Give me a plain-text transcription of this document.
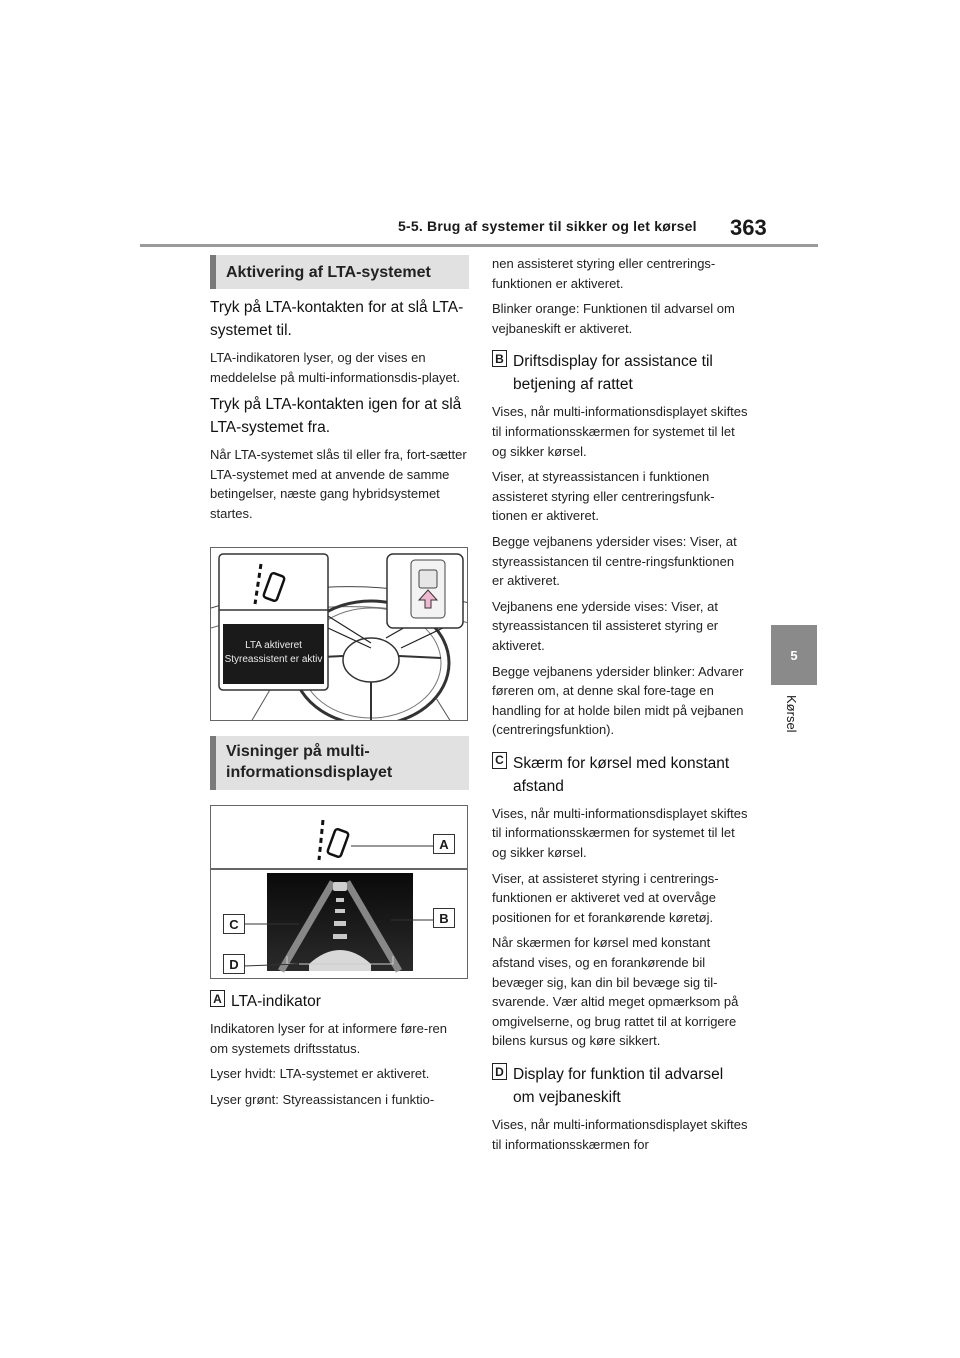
5-5. Brug af systemer til sikker og let kørsel 363
5
Kørsel
Aktivering af LTA-systemet

Tryk på LTA-kontakten for at slå LTA-systemet til.

LTA-indikatoren lyser, og der vises en meddelelse på multi-informationsdis-playet.

Tryk på LTA-kontakten igen for at slå LTA-systemet fra.

Når LTA-systemet slås til eller fra, fort-sætter LTA-systemet med at anvende de samme betingelser, næste gang hybridsystemet startes.

LTA aktiveret
Styreassistent er aktiv
Visninger på multi-
informationsdisplayet
A
B
C
D
A LTA-indikator

Indikatoren lyser for at informere føre-ren om systemets driftsstatus.

Lyser hvidt: LTA-systemet er aktiveret.

Lyser grønt: Styreassistancen i funktio-

nen assisteret styring eller centrerings-funktionen er aktiveret.

Blinker orange: Funktionen til advarsel om vejbaneskift er aktiveret.

B Driftsdisplay for assistance til betjening af rattet

Vises, når multi-informationsdisplayet skiftes til informationsskærmen for systemet til let og sikker kørsel.

Viser, at styreassistancen i funktionen assisteret styring eller centreringsfunk-tionen er aktiveret.

Begge vejbanens ydersider vises: Viser, at styreassistancen til centre-ringsfunktionen er aktiveret.

Vejbanens ene yderside vises: Viser, at styreassistancen til assisteret styring er aktiveret.

Begge vejbanens ydersider blinker: Advarer føreren om, at denne skal fore-tage en handling for at holde bilen midt på vejbanen (centreringsfunktion).

C Skærm for kørsel med konstant afstand

Vises, når multi-informationsdisplayet skiftes til informationsskærmen for systemet til let og sikker kørsel.

Viser, at assisteret styring i centrerings-funktionen er aktiveret ved at overvåge positionen for et forankørende køretøj.

Når skærmen for kørsel med konstant afstand vises, og en forankørende bil bevæger sig, kan din bil bevæge sig til-svarende. Vær altid meget opmærksom på omgivelserne, og brug rattet til at korrigere bilens kursus og køre sikkert.

D Display for funktion til advarsel om vejbaneskift

Vises, når multi-informationsdisplayet skiftes til informationsskærmen for
